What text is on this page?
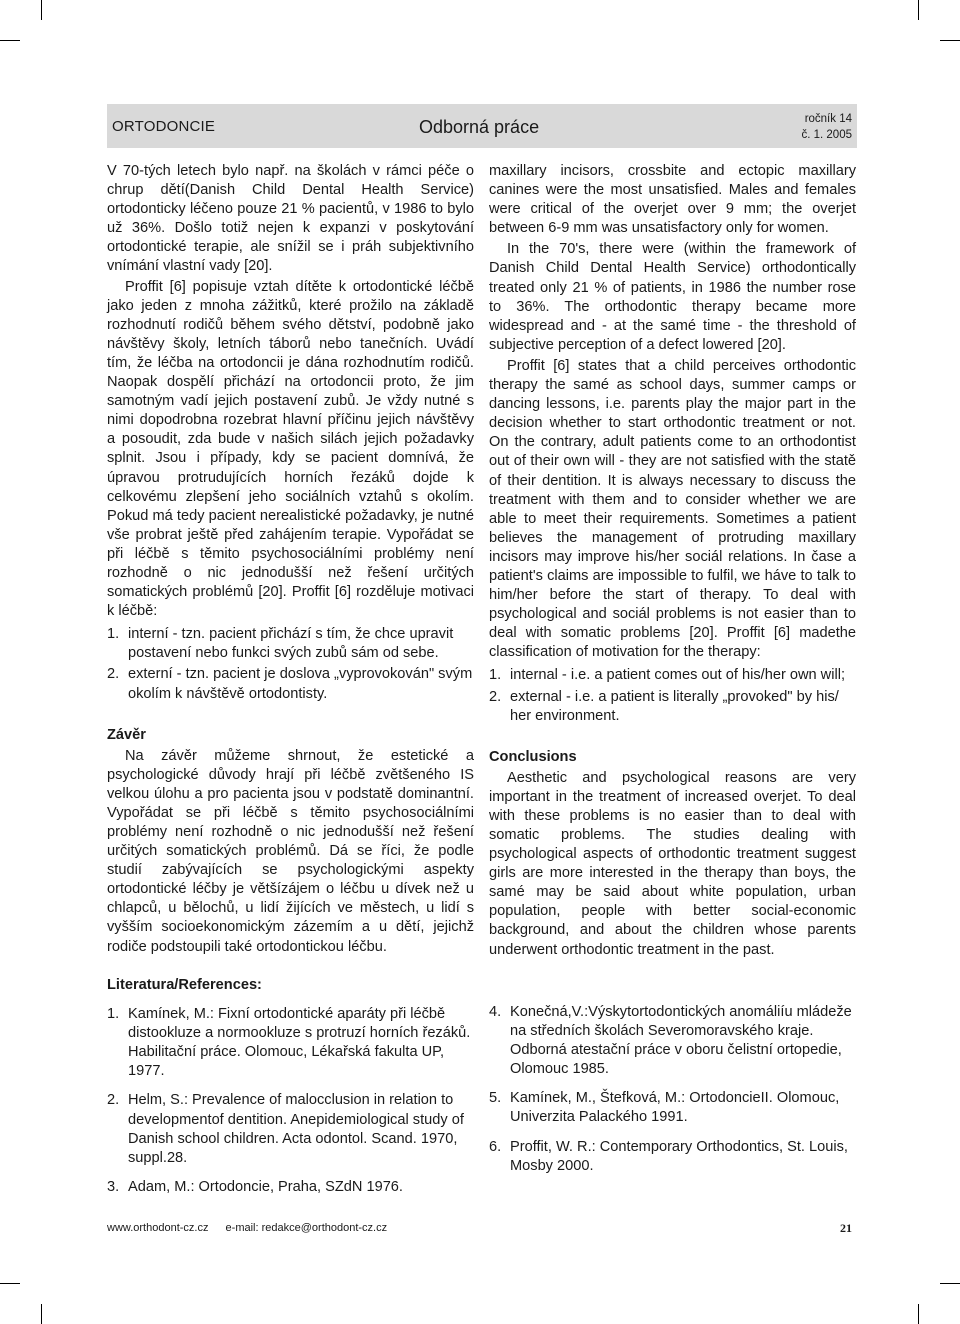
ORTODONCIE	Odborná práce	ročník 14
č. 1. 2005

V 70-tých letech bylo např. na školách v rámci péče o chrup dětí(Danish Child Dental Health Service) ortodonticky léčeno pouze 21 % pacientů, v 1986 to bylo už 36%. Došlo totiž nejen k expanzi v poskytování ortodontické terapie, ale snížil se i práh subjektivního vnímání vlastní vady [20].

Proffit [6] popisuje vztah dítěte k ortodontické léčbě jako jeden z mnoha zážitků, které prožilo na základě rozhodnutí rodičů během svého dětství, podobně jako návštěvy školy, letních táborů nebo tanečních. Uvádí tím, že léčba na ortodoncii je dána rozhodnutím rodičů. Naopak dospělí přichází na ortodoncii proto, že jim samotným vadí jejich postavení zubů. Je vždy nutné s nimi dopodrobna rozebrat hlavní příčinu jejich návštěvy a posoudit, zda bude v našich silách jejich požadavky splnit. Jsou i případy, kdy se pacient domnívá, že úpravou protrudujících horních řezáků dojde k celkovému zlepšení jeho sociálních vztahů s okolím. Pokud má tedy pacient nerealistické požadavky, je nutné vše probrat ještě před zahájením terapie. Vypořádat se při léčbě s těmito psychosociálními problémy není rozhodně o nic jednodušší než řešení určitých somatických problémů [20]. Proffit [6] rozděluje motivaci k léčbě:

1. interní - tzn. pacient přichází s tím, že chce upravit postavení nebo funkci svých zubů sám od sebe.
2. externí - tzn. pacient je doslova „vyprovokován" svým okolím k návštěvě ortodontisty.
Závěr

Na závěr můžeme shrnout, že estetické a psychologické důvody hrají při léčbě zvětšeného IS velkou úlohu a pro pacienta jsou v podstatě dominantní. Vypořádat se při léčbě s těmito psychosociálními problémy není rozhodně o nic jednodušší než řešení určitých somatických problémů. Dá se říci, že podle studií zabývajících se psychologickými aspekty ortodontické léčby je většízájem o léčbu u dívek než u chlapců, u bělochů, u lidí žijících ve městech, u lidí s vyšším socioekonomickým zázemím a u dětí, jejichž rodiče podstoupili také ortodontickou léčbu.

maxillary incisors, crossbite and ectopic maxillary canines were the most unsatisfied. Males and females were critical of the overjet over 9 mm; the overjet between 6-9 mm was unsatisfactory only for women.

In the 70's, there were (within the framework of Danish Child Dental Health Service) orthodontically treated only 21 % of patients, in 1986 the number rose to 36%. The orthodontic therapy became more widespread and - at the samé time - the threshold of subjective perception of a defect lowered [20].

Proffit [6] states that a child perceives orthodontic therapy the samé as school days, summer camps or dancing lessons, i.e. parents play the major part in the decision whether to start orthodontic treatment or not. On the contrary, adult patients come to an orthodontist out of their own will - they are not satisfied with the statě of their dentition. It is always necessary to discuss the treatment with them and to consider whether we are able to meet their requirements. Sometimes a patient believes the management of protruding maxillary incisors may improve his/her sociál relations. In čase a patient's claims are impossible to fulfil, we háve to talk to him/her before the start of therapy. To deal with psychological and sociál problems is not easier than to deal with somatic problems [20]. Proffit [6] madethe classification of motivation for the therapy:

1. internal - i.e. a patient comes out of his/her own will;
2. external - i.e. a patient is literally „provoked" by his/ her environment.
Conclusions

Aesthetic and psychological reasons are very important in the treatment of increased overjet. To deal with these problems is no easier than to deal with somatic problems. The studies dealing with psychological aspects of orthodontic treatment suggest girls are more interested in the therapy than boys, the samé may be said about white population, urban population, people with better social-economic background, and about the children whose parents underwent orthodontic treatment in the past.

Literatura/References:
1. Kamínek, M.: Fixní ortodontické aparáty při léčbě distookluze a normookluze s protruzí horních řezáků. Habilitační práce. Olomouc, Lékařská fakulta UP, 1977.
2. Helm, S.: Prevalence of malocclusion in relation to developmentof dentition. Anepidemiological study of Danish school children. Acta odontol. Scand. 1970, suppl.28.
3. Adam, M.: Ortodoncie, Praha, SZdN 1976.
4. Konečná,V.:Výskytortodontických anomáliíu mládeže na středních školách Severomoravského kraje. Odborná atestační práce v oboru čelistní ortopedie, Olomouc 1985.
5. Kamínek, M., Štefková, M.: OrtodoncieII. Olomouc, Univerzita Palackého 1991.
6. Proffit, W. R.: Contemporary Orthodontics, St. Louis, Mosby 2000.
www.orthodont-cz.cz e-mail: redakce@orthodont-cz.cz	21
